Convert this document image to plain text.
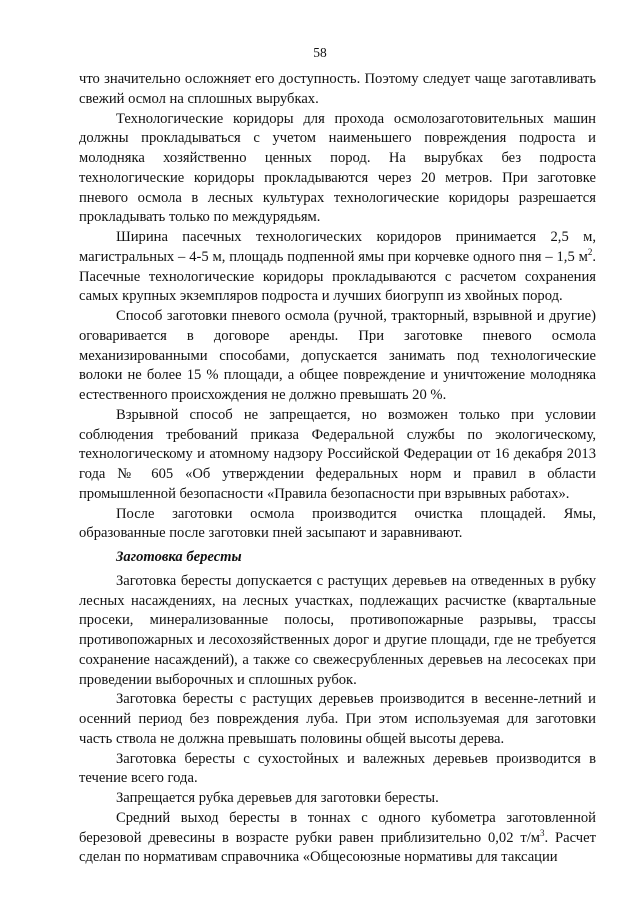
58

что значительно осложняет его доступность. Поэтому следует чаще заготавливать свежий осмол на сплошных вырубках.

Технологические коридоры для прохода осмолозаготовительных машин должны прокладываться с учетом наименьшего повреждения подроста и молодняка хозяйственно ценных пород. На вырубках без подроста технологические коридоры прокладываются через 20 метров. При заготовке пневого осмола в лесных культурах технологические коридоры разрешается прокладывать только по междурядьям.

Ширина пасечных технологических коридоров принимается 2,5 м, магистральных – 4-5 м, площадь подпенной ямы при корчевке одного пня – 1,5 $м^2$. Пасечные технологические коридоры прокладываются с расчетом сохранения самых крупных экземпляров подроста и лучших биогрупп из хвойных пород.

Способ заготовки пневого осмола (ручной, тракторный, взрывной и другие) оговаривается в договоре аренды. При заготовке пневого осмола механизированными способами, допускается занимать под технологические волоки не более 15 % площади, а общее повреждение и уничтожение молодняка естественного происхождения не должно превышать 20 %.

Взрывной способ не запрещается, но возможен только при условии соблюдения требований приказа Федеральной службы по экологическому, технологическому и атомному надзору Российской Федерации от 16 декабря 2013 года № 605 «Об утверждении федеральных норм и правил в области промышленной безопасности «Правила безопасности при взрывных работах».

После заготовки осмола производится очистка площадей. Ямы, образованные после заготовки пней засыпают и заравнивают.

Заготовка бересты

Заготовка бересты допускается с растущих деревьев на отведенных в рубку лесных насаждениях, на лесных участках, подлежащих расчистке (квартальные просеки, минерализованные полосы, противопожарные разрывы, трассы противопожарных и лесохозяйственных дорог и другие площади, где не требуется сохранение насаждений), а также со свежесрубленных деревьев на лесосеках при проведении выборочных и сплошных рубок.

Заготовка бересты с растущих деревьев производится в весенне-летний и осенний период без повреждения луба. При этом используемая для заготовки часть ствола не должна превышать половины общей высоты дерева.

Заготовка бересты с сухостойных и валежных деревьев производится в течение всего года.

Запрещается рубка деревьев для заготовки бересты.

Средний выход бересты в тоннах с одного кубометра заготовленной березовой древесины в возрасте рубки равен приблизительно 0,02 $т/м^3$. Расчет сделан по нормативам справочника «Общесоюзные нормативы для таксации
